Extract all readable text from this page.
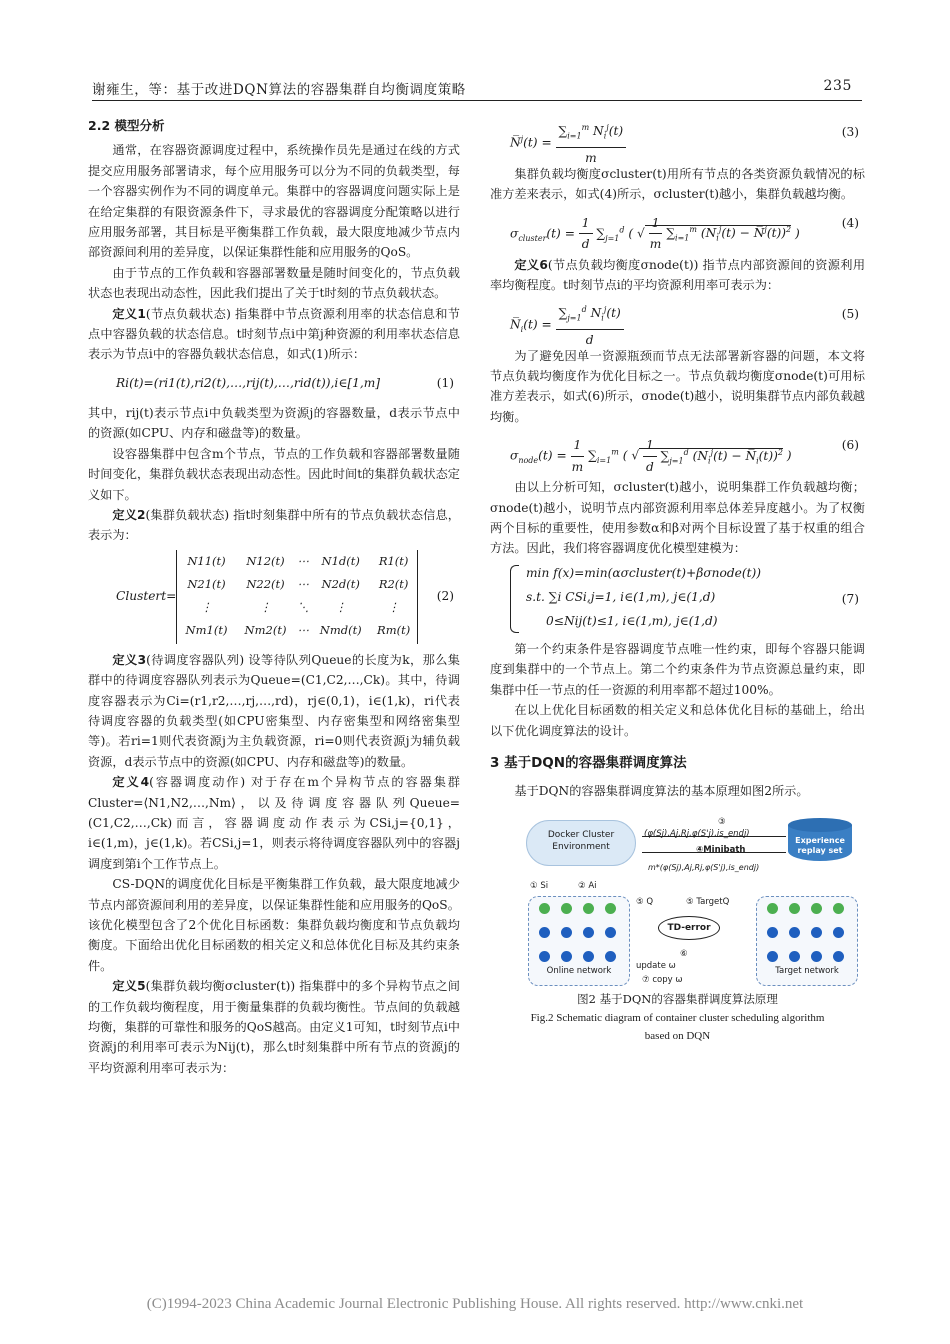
谢雍生，等：基于改进DQN算法的容器集群自均衡调度策略	235
2.2 模型分析

通常，在容器资源调度过程中，系统操作员先是通过在线的方式提交应用服务部署请求，每个应用服务可以分为不同的负载类型，每一个容器实例作为不同的调度单元。集群中的容器调度问题实际上是在给定集群的有限资源条件下，寻求最优的容器调度分配策略以进行应用服务部署，其目标是平衡集群工作负载，最大限度地减少节点内部资源间利用的差异度，以保证集群性能和应用服务的QoS。

由于节点的工作负载和容器部署数量是随时间变化的，节点负载状态也表现出动态性，因此我们提出了关于t时刻的节点负载状态。

定义1(节点负载状态) 指集群中节点资源利用率的状态信息和节点中容器负载的状态信息。t时刻节点i中第j种资源的利用率状态信息表示为节点i中的容器负载状态信息，如式(1)所示：

Ri(t)=(ri1(t),ri2(t),…,rij(t),…,rid(t)),i∈[1,m]	(1)

其中，rij(t)表示节点i中负载类型为资源j的容器数量，d表示节点中的资源(如CPU、内存和磁盘等)的数量。

设容器集群中包含m个节点，节点的工作负载和容器部署数量随时间变化，集群负载状态表现出动态性。因此时间t的集群负载状态定义如下。

定义2(集群负载状态) 指t时刻集群中所有的节点负载状态信息，表示为：

Clustert=
N11(t)	N12(t)	⋯	N1d(t)	R1(t)
N21(t)	N22(t)	⋯	N2d(t)	R2(t)
⋮	⋮	⋱	⋮	⋮
Nm1(t)	Nm2(t)	⋯	Nmd(t)	Rm(t)
(2)

定义3(待调度容器队列) 设等待队列Queue的长度为k，那么集群中的待调度容器队列表示为Queue=(C1,C2,…,Ck)。其中，待调度容器表示为Ci=(r1,r2,…,rj,…,rd)，rj∈(0,1)，i∈(1,k)，ri代表待调度容器的负载类型(如CPU密集型、内存密集型和网络密集型等)。若ri=1则代表资源j为主负载资源，ri=0则代表资源j为辅负载资源，d表示节点中的资源(如CPU、内存和磁盘等)的数量。

定义4(容器调度动作) 对于存在m个异构节点的容器集群Cluster=⟨N1,N2,…,Nm⟩，以及待调度容器队列Queue=(C1,C2,…,Ck)而言，容器调度动作表示为CSi,j={0,1}，i∈(1,m)，j∈(1,k)。若CSi,j=1，则表示将待调度容器队列中的容器j调度到第i个工作节点上。

CS-DQN的调度优化目标是平衡集群工作负载，最大限度地减少节点内部资源间利用的差异度，以保证集群性能和应用服务的QoS。该优化模型包含了2个优化目标函数：集群负载均衡度和节点负载均衡度。下面给出优化目标函数的相关定义和总体优化目标及其约束条件。

定义5(集群负载均衡σcluster(t)) 指集群中的多个异构节点之间的工作负载均衡程度，用于衡量集群的负载均衡性。节点间的负载越均衡，集群的可靠性和服务的QoS越高。由定义1可知，t时刻节点i中资源j的利用率可表示为Nij(t)，那么t时刻集群中所有节点的资源j的平均资源利用率可表示为：

N̅$^j$(t) = $\frac{\sum_{i=1}^m N_i^j(t)}{m}$	(3)

集群负载均衡度σcluster(t)用所有节点的各类资源负载情况的标准方差来表示，如式(4)所示，σcluster(t)越小，集群负载越均衡。

$\sigma_{cluster}(t) = \frac{1}{d} \sum_{j=1}^d$ ( √ $\frac{1}{m} \sum_{i=1}^m$ ($N_i^j(t)$ − N̅$^j$(t))$^2$ )
(4)

定义6(节点负载均衡度σnode(t)) 指节点内部资源间的资源利用率均衡程度。t时刻节点i的平均资源利用率可表示为：

$N̅_i(t) = \frac{\sum_{j=1}^d N_i^j(t)}{d}$	(5)

为了避免因单一资源瓶颈而节点无法部署新容器的问题，本文将节点负载均衡度作为优化目标之一。节点负载均衡度σnode(t)可用标准方差表示，如式(6)所示，σnode(t)越小，说明集群节点内部负载越均衡。

$\sigma_{node}(t) = \frac{1}{m} \sum_{i=1}^m$ ( √ $\frac{1}{d} \sum_{j=1}^d$ ($N_i^j(t)$ − $N̅_i(t))^2$ )
(6)

由以上分析可知，σcluster(t)越小，说明集群工作负载越均衡；σnode(t)越小，说明节点内部资源利用率总体差异度越小。为了权衡两个目标的重要性，使用参数α和β对两个目标设置了基于权重的组合方法。因此，我们将容器调度优化模型建模为：

min f(x)=min(ασcluster(t)+βσnode(t))
s.t. ∑i CSi,j=1, i∈(1,m), j∈(1,d)
0≤Nij(t)≤1, i∈(1,m), j∈(1,d)
(7)

第一个约束条件是容器调度节点唯一性约束，即每个容器只能调度到集群中的一个节点上。第二个约束条件为节点资源总量约束，即集群中任一节点的任一资源的利用率都不超过100%。

在以上优化目标函数的相关定义和总体优化目标的基础上，给出以下优化调度算法的设计。

3 基于DQN的容器集群调度算法

基于DQN的容器集群调度算法的基本原理如图2所示。

Docker Cluster Environment
Experience replay set
③
(φ(Sj),Aj,Rj,φ(S'j),is_endj)
④Minibath
m*(φ(Sj),Aj,Rj,φ(S'j),is_endj)
① Si	② Ai
⑤ Q	⑤ TargetQ
TD-error
⑥
update ω
⑦ copy ω
Online network	Target network
图2 基于DQN的容器集群调度算法原理
Fig.2 Schematic diagram of container cluster scheduling algorithm
based on DQN
(C)1994-2023 China Academic Journal Electronic Publishing House. All rights reserved. http://www.cnki.net
